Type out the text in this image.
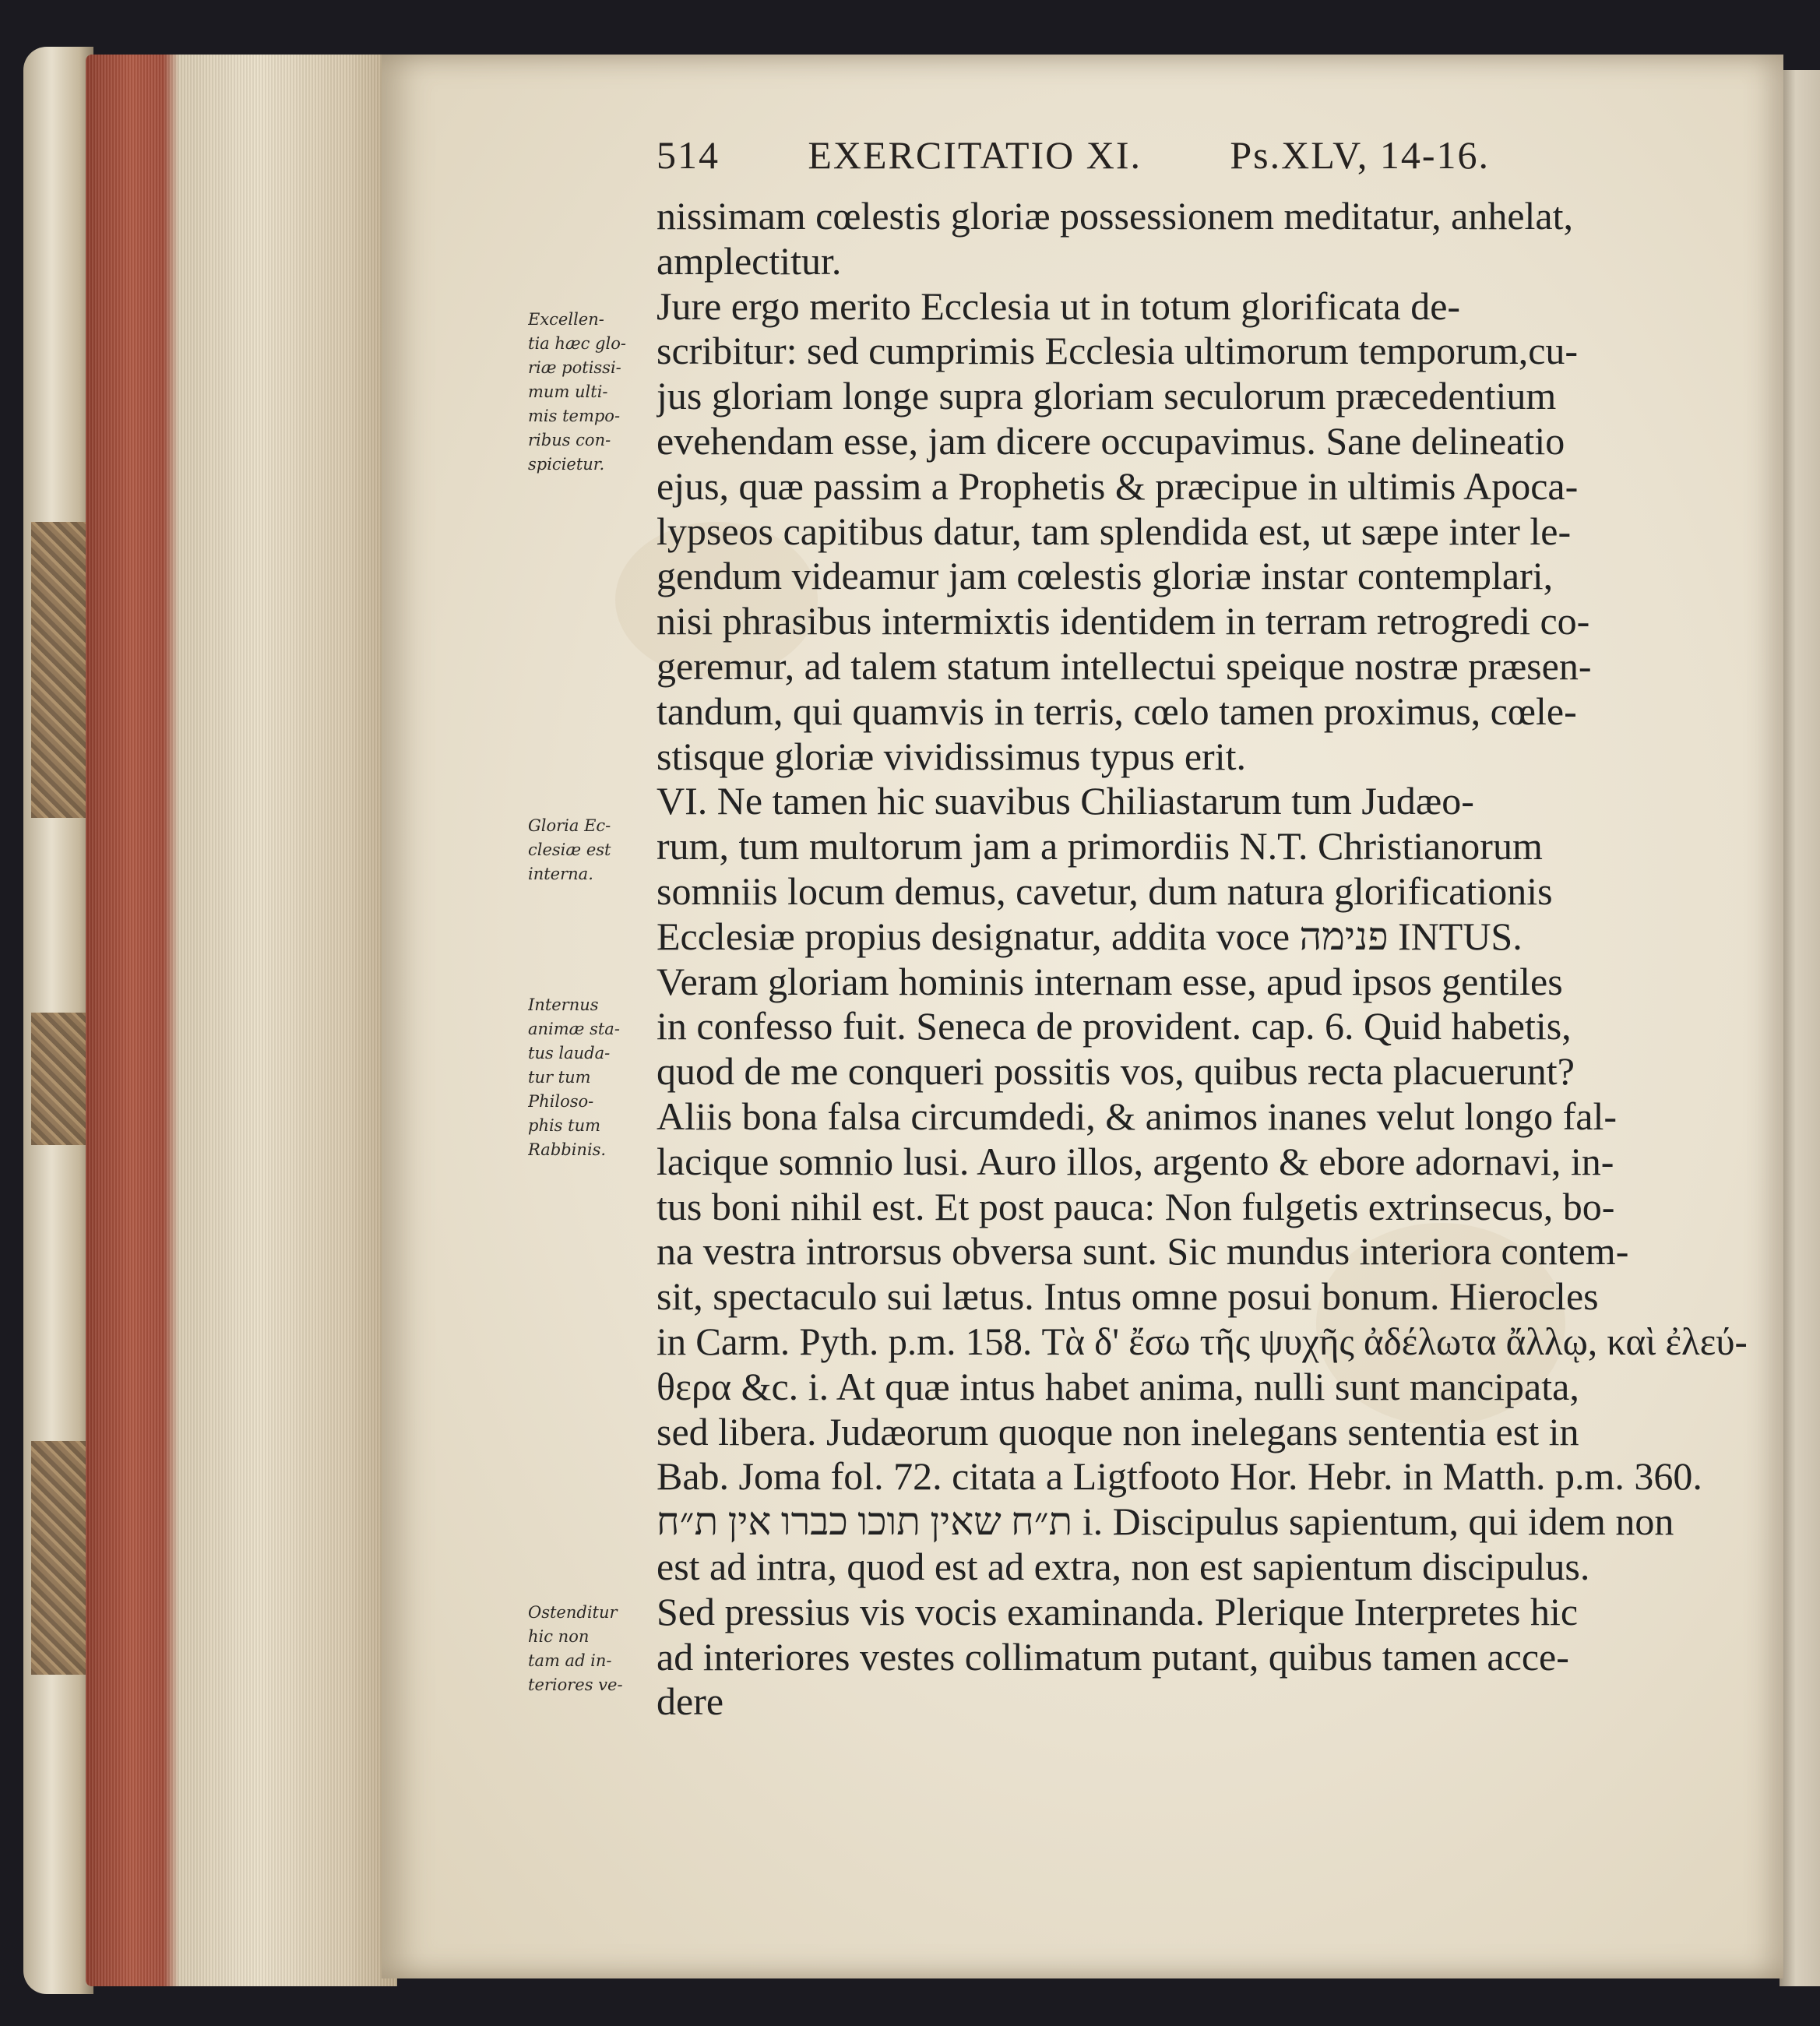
514 EXERCITATIO XI. Ps.XLV, 14-16.
nissimam cœlestis gloriæ possessionem meditatur, anhelat,
amplectitur.
Jure ergo merito Ecclesia ut in totum glorificata de-
scribitur: sed cumprimis Ecclesia ultimorum temporum,cu-
jus gloriam longe supra gloriam seculorum præcedentium
evehendam esse, jam dicere occupavimus. Sane delineatio
ejus, quæ passim a Prophetis & præcipue in ultimis Apoca-
lypseos capitibus datur, tam splendida est, ut sæpe inter le-
gendum videamur jam cœlestis gloriæ instar contemplari,
nisi phrasibus intermixtis identidem in terram retrogredi co-
geremur, ad talem statum intellectui speique nostræ præsen-
tandum, qui quamvis in terris, cœlo tamen proximus, cœle-
stisque gloriæ vividissimus typus erit.
VI. Ne tamen hic suavibus Chiliastarum tum Judæo-
rum, tum multorum jam a primordiis N.T. Christianorum
somniis locum demus, cavetur, dum natura glorificationis
Ecclesiæ propius designatur, addita voce פנימה INTUS.
Veram gloriam hominis internam esse, apud ipsos gentiles
in confesso fuit. Seneca de provident. cap. 6. Quid habetis,
quod de me conqueri possitis vos, quibus recta placuerunt?
Aliis bona falsa circumdedi, & animos inanes velut longo fal-
lacique somnio lusi. Auro illos, argento & ebore adornavi, in-
tus boni nihil est. Et post pauca: Non fulgetis extrinsecus, bo-
na vestra introrsus obversa sunt. Sic mundus interiora contem-
sit, spectaculo sui lætus. Intus omne posui bonum. Hierocles
in Carm. Pyth. p.m. 158. Τὰ δ' ἔσω τῆς ψυχῆς ἀδέλωτα ἄλλῳ, καὶ ἐλεύ-
θερα &c. i. At quæ intus habet anima, nulli sunt mancipata,
sed libera. Judæorum quoque non inelegans sententia est in
Bab. Joma fol. 72. citata a Ligtfooto Hor. Hebr. in Matth. p.m. 360.
ת״ח שאין תוכו כברו אין ת״ח i. Discipulus sapientum, qui idem non
est ad intra, quod est ad extra, non est sapientum discipulus.
Sed pressius vis vocis examinanda. Plerique Interpretes hic
ad interiores vestes collimatum putant, quibus tamen acce-
dere
Excellen-
tia hæc glo-
riæ potissi-
mum ulti-
mis tempo-
ribus con-
spicietur.
Gloria Ec-
clesiæ est
interna.
Internus
animæ sta-
tus lauda-
tur tum
Philoso-
phis tum
Rabbinis.
Ostenditur
hic non
tam ad in-
teriores ve-
